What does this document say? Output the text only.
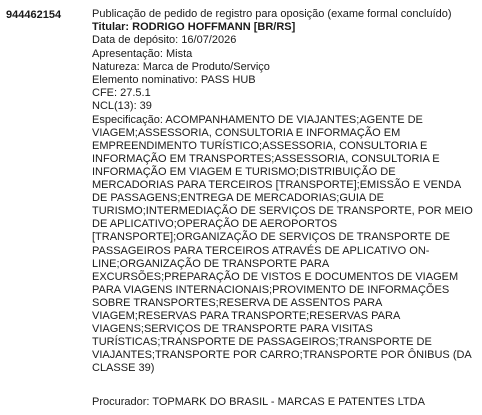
944462154	Publicação de pedido de registro para oposição (exame formal concluído)
Titular: RODRIGO HOFFMANN [BR/RS]
Data de depósito: 16/07/2026
Apresentação: Mista
Natureza: Marca de Produto/Serviço
Elemento nominativo: PASS HUB
CFE: 27.5.1
NCL(13): 39
Especificação: ACOMPANHAMENTO DE VIAJANTES;AGENTE DE VIAGEM;ASSESSORIA, CONSULTORIA E INFORMAÇÃO EM EMPREENDIMENTO TURÍSTICO;ASSESSORIA, CONSULTORIA E INFORMAÇÃO EM TRANSPORTES;ASSESSORIA, CONSULTORIA E INFORMAÇÃO EM VIAGEM E TURISMO;DISTRIBUIÇÃO DE MERCADORIAS PARA TERCEIROS [TRANSPORTE];EMISSÃO E VENDA DE PASSAGENS;ENTREGA DE MERCADORIAS;GUIA DE TURISMO;INTERMEDIAÇÃO DE SERVIÇOS DE TRANSPORTE, POR MEIO DE APLICATIVO;OPERAÇÃO DE AEROPORTOS [TRANSPORTE];ORGANIZAÇÃO DE SERVIÇOS DE TRANSPORTE DE PASSAGEIROS PARA TERCEIROS ATRAVÉS DE APLICATIVO ON-LINE;ORGANIZAÇÃO DE TRANSPORTE PARA EXCURSÕES;PREPARAÇÃO DE VISTOS E DOCUMENTOS DE VIAGEM PARA VIAGENS INTERNACIONAIS;PROVIMENTO DE INFORMAÇÕES SOBRE TRANSPORTES;RESERVA DE ASSENTOS PARA VIAGEM;RESERVAS PARA TRANSPORTE;RESERVAS PARA VIAGENS;SERVIÇOS DE TRANSPORTE PARA VISITAS TURÍSTICAS;TRANSPORTE DE PASSAGEIROS;TRANSPORTE DE VIAJANTES;TRANSPORTE POR CARRO;TRANSPORTE POR ÔNIBUS (DA CLASSE 39)
Procurador: TOPMARK DO BRASIL - MARCAS E PATENTES LTDA
